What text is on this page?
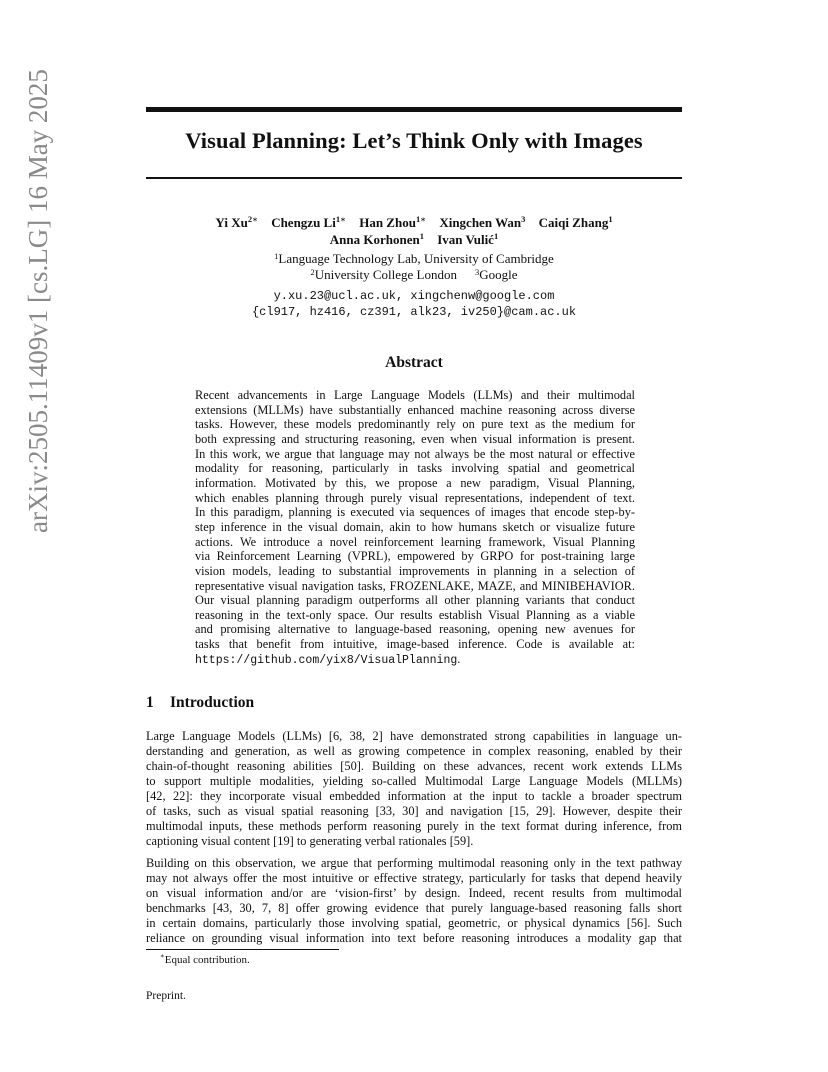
arXiv:2505.11409v1 [cs.LG] 16 May 2025	Visual Planning: Let’s Think Only with Images
Yi $Xu^{2∗}$ Chengzu $Li^{1∗}$ Han Zhou$^{1∗}$ Xingchen Wan$^3$ Caiqi Zhang$^1$
Anna Korhonen$^1$ Ivan Vulić$^1$
$^1$Language Technology Lab, University of Cambridge
$^2$University College London $^3$Google
y.xu.23@ucl.ac.uk, xingchenw@google.com
{cl917, hz416, cz391, alk23, iv250}@cam.ac.uk
Abstract
Recent advancements in Large Language Models (LLMs) and their multimodal
extensions (MLLMs) have substantially enhanced machine reasoning across diverse
tasks. However, these models predominantly rely on pure text as the medium for
both expressing and structuring reasoning, even when visual information is present.
In this work, we argue that language may not always be the most natural or effective
modality for reasoning, particularly in tasks involving spatial and geometrical
information. Motivated by this, we propose a new paradigm, Visual Planning,
which enables planning through purely visual representations, independent of text.
In this paradigm, planning is executed via sequences of images that encode step-by-
step inference in the visual domain, akin to how humans sketch or visualize future
actions. We introduce a novel reinforcement learning framework, Visual Planning
via Reinforcement Learning (VPRL), empowered by GRPO for post-training large
vision models, leading to substantial improvements in planning in a selection of
representative visual navigation tasks, FROZENLAKE, MAZE, and MINIBEHAVIOR.
Our visual planning paradigm outperforms all other planning variants that conduct
reasoning in the text-only space. Our results establish Visual Planning as a viable
and promising alternative to language-based reasoning, opening new avenues for
tasks that benefit from intuitive, image-based inference. Code is available at:
https://github.com/yix8/VisualPlanning.
1 Introduction
Large Language Models (LLMs) [6, 38, 2] have demonstrated strong capabilities in language un-
derstanding and generation, as well as growing competence in complex reasoning, enabled by their
chain-of-thought reasoning abilities [50]. Building on these advances, recent work extends LLMs
to support multiple modalities, yielding so-called Multimodal Large Language Models (MLLMs)
[42, 22]: they incorporate visual embedded information at the input to tackle a broader spectrum
of tasks, such as visual spatial reasoning [33, 30] and navigation [15, 29]. However, despite their
multimodal inputs, these methods perform reasoning purely in the text format during inference, from
captioning visual content [19] to generating verbal rationales [59].
Building on this observation, we argue that performing multimodal reasoning only in the text pathway
may not always offer the most intuitive or effective strategy, particularly for tasks that depend heavily
on visual information and/or are ‘vision-first’ by design. Indeed, recent results from multimodal
benchmarks [43, 30, 7, 8] offer growing evidence that purely language-based reasoning falls short
in certain domains, particularly those involving spatial, geometric, or physical dynamics [56]. Such
reliance on grounding visual information into text before reasoning introduces a modality gap that
∗Equal contribution.
Preprint.
